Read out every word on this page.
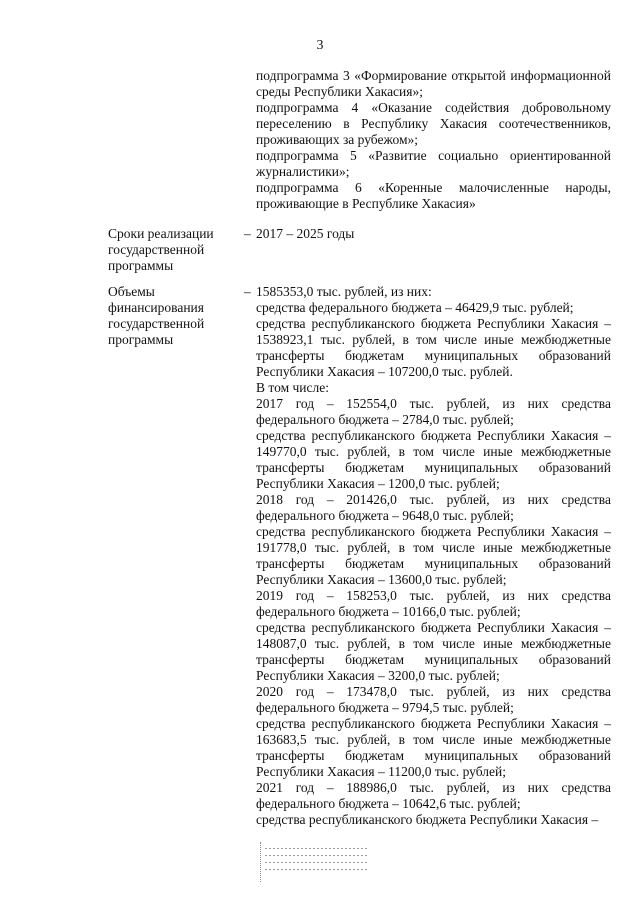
3

подпрограмма 3 «Формирование открытой информационной среды Республики Хакасия»;

подпрограмма 4 «Оказание содействия добровольному переселению в Республику Хакасия соотечественников, проживающих за рубежом»;

подпрограмма 5 «Развитие социально ориентированной журналистики»;

подпрограмма 6 «Коренные малочисленные народы, проживающие в Республике Хакасия»

Сроки реализации государственной программы
– 2017 – 2025 годы

Объемы финансирования государственной программы
– 1585353,0 тыс. рублей, из них:

средства федерального бюджета – 46429,9 тыс. рублей;

средства республиканского бюджета Республики Хакасия – 1538923,1 тыс. рублей, в том числе иные межбюджетные трансферты бюджетам муниципальных образований Республики Хакасия – 107200,0 тыс. рублей.

В том числе:

2017 год – 152554,0 тыс. рублей, из них средства федерального бюджета – 2784,0 тыс. рублей;

средства республиканского бюджета Республики Хакасия – 149770,0 тыс. рублей, в том числе иные межбюджетные трансферты бюджетам муниципальных образований Республики Хакасия – 1200,0 тыс. рублей;

2018 год – 201426,0 тыс. рублей, из них средства федерального бюджета – 9648,0 тыс. рублей;

средства республиканского бюджета Республики Хакасия – 191778,0 тыс. рублей, в том числе иные межбюджетные трансферты бюджетам муниципальных образований Республики Хакасия – 13600,0 тыс. рублей;

2019 год – 158253,0 тыс. рублей, из них средства федерального бюджета – 10166,0 тыс. рублей;

средства республиканского бюджета Республики Хакасия – 148087,0 тыс. рублей, в том числе иные межбюджетные трансферты бюджетам муниципальных образований Республики Хакасия – 3200,0 тыс. рублей;

2020 год – 173478,0 тыс. рублей, из них средства федерального бюджета – 9794,5 тыс. рублей;

средства республиканского бюджета Республики Хакасия – 163683,5 тыс. рублей, в том числе иные межбюджетные трансферты бюджетам муниципальных образований Республики Хакасия – 11200,0 тыс. рублей;

2021 год – 188986,0 тыс. рублей, из них средства федерального бюджета – 10642,6 тыс. рублей;

средства республиканского бюджета Республики Хакасия –
